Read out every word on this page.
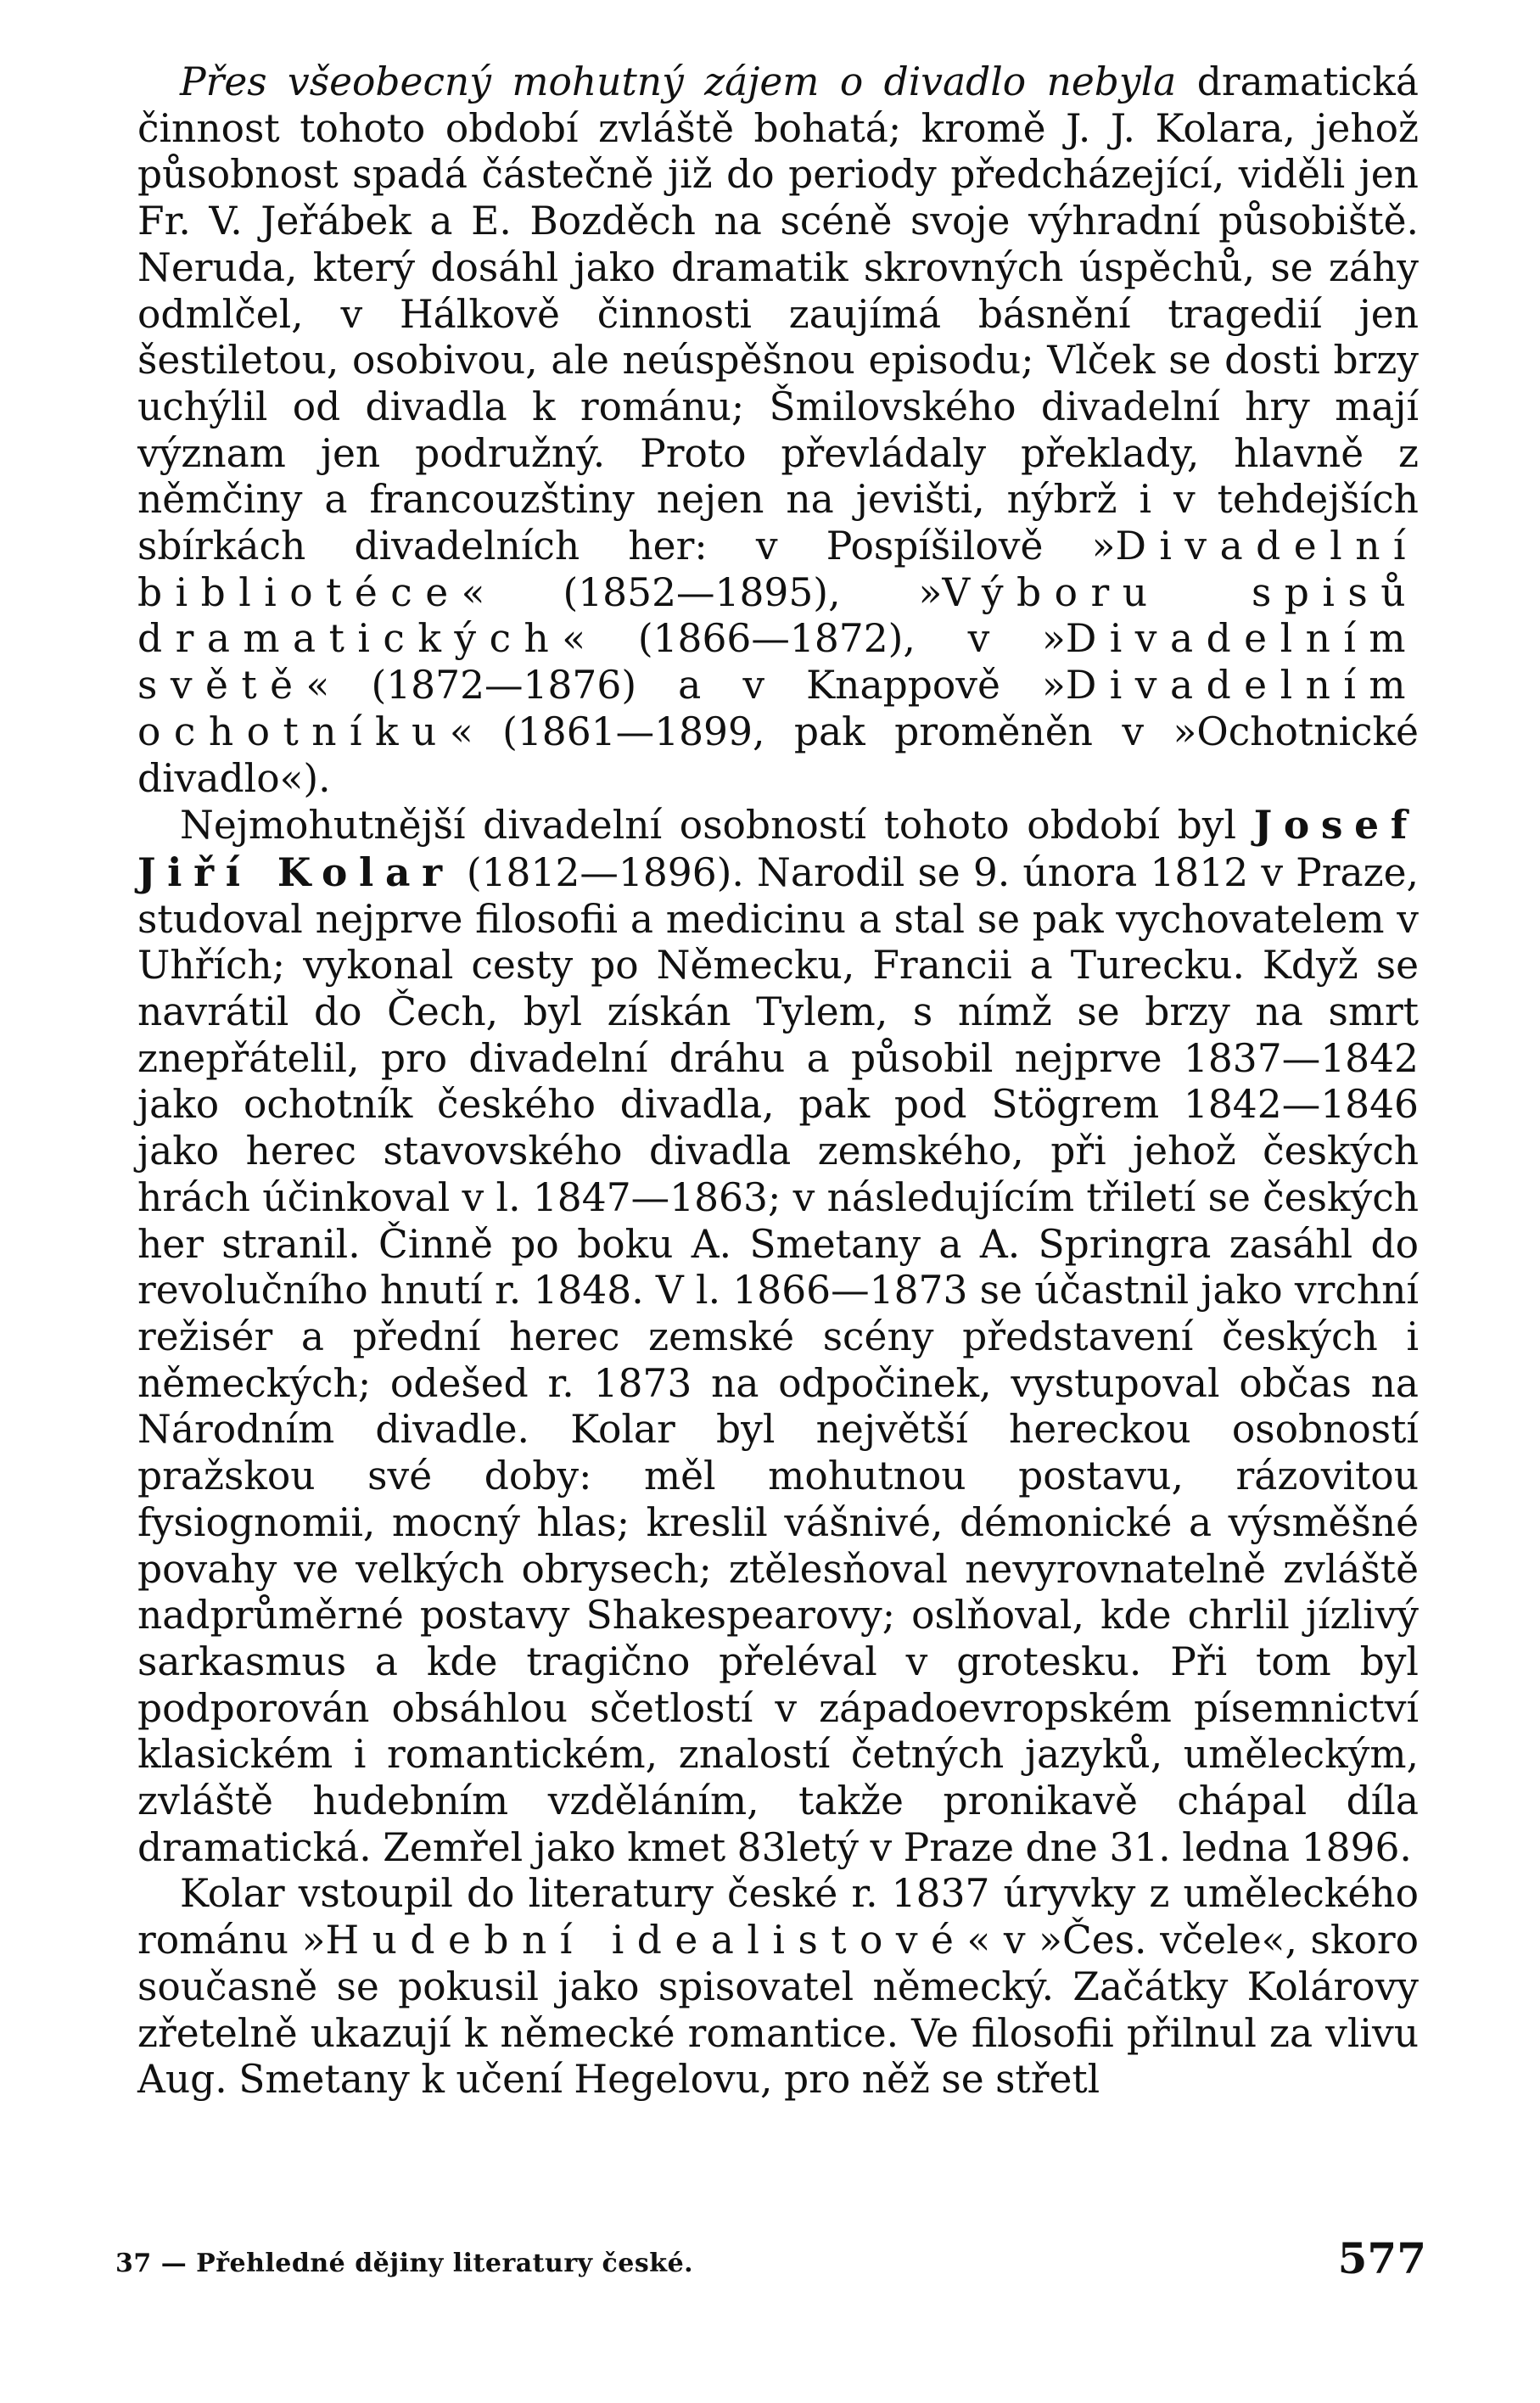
Přes všeobecný mohutný zájem o divadlo nebyla dramatická činnost tohoto období zvláště bohatá; kromě J. J. Kolara, jehož působnost spadá částečně již do periody předcházející, viděli jen Fr. V. Jeřábek a E. Bozděch na scéně svoje výhradní působiště. Neruda, který dosáhl jako dramatik skrovných úspěchů, se záhy odmlčel, v Hálkově činnosti zaujímá básnění tragedií jen šestiletou, osobivou, ale neúspěšnou episodu; Vlček se dosti brzy uchýlil od divadla k románu; Šmilovského divadelní hry mají význam jen podružný. Proto převládaly překlady, hlavně z němčiny a francouzštiny nejen na jevišti, nýbrž i v tehdejších sbírkách divadelních her: v Pospíšilově »Divadelní bibliotéce« (1852—1895), »Výboru spisů dramatických« (1866—1872), v »Divadelním světě« (1872—1876) a v Knappově »Divadelním ochotníku« (1861—1899, pak proměněn v »Ochotnické divadlo«).

Nejmohutnější divadelní osobností tohoto období byl Josef Jiří Kolar (1812—1896). Narodil se 9. února 1812 v Praze, studoval nejprve filosofii a medicinu a stal se pak vychovatelem v Uhřích; vykonal cesty po Německu, Francii a Turecku. Když se navrátil do Čech, byl získán Tylem, s nímž se brzy na smrt znepřátelil, pro divadelní dráhu a působil nejprve 1837—1842 jako ochotník českého divadla, pak pod Stögrem 1842—1846 jako herec stavovského divadla zemského, při jehož českých hrách účinkoval v l. 1847—1863; v následujícím třiletí se českých her stranil. Činně po boku A. Smetany a A. Springra zasáhl do revolučního hnutí r. 1848. V l. 1866—1873 se účastnil jako vrchní režisér a přední herec zemské scény představení českých i německých; odešed r. 1873 na odpočinek, vystupoval občas na Národním divadle. Kolar byl největší hereckou osobností pražskou své doby: měl mohutnou postavu, rázovitou fysiognomii, mocný hlas; kreslil vášnivé, démonické a výsměšné povahy ve velkých obrysech; ztělesňoval nevyrovnatelně zvláště nadprůměrné postavy Shakespearovy; oslňoval, kde chrlil jízlivý sarkasmus a kde tragično přeléval v grotesku. Při tom byl podporován obsáhlou sčetlostí v západoevropském písemnictví klasickém i romantickém, znalostí četných jazyků, uměleckým, zvláště hudebním vzděláním, takže pronikavě chápal díla dramatická. Zemřel jako kmet 83letý v Praze dne 31. ledna 1896.

Kolar vstoupil do literatury české r. 1837 úryvky z uměleckého románu »Hudební idealistové« v »Čes. včele«, skoro současně se pokusil jako spisovatel německý. Začátky Kolárovy zřetelně ukazují k německé romantice. Ve filosofii přilnul za vlivu Aug. Smetany k učení Hegelovu, pro něž se střetl

37 — Přehledné dějiny literatury české.	577
